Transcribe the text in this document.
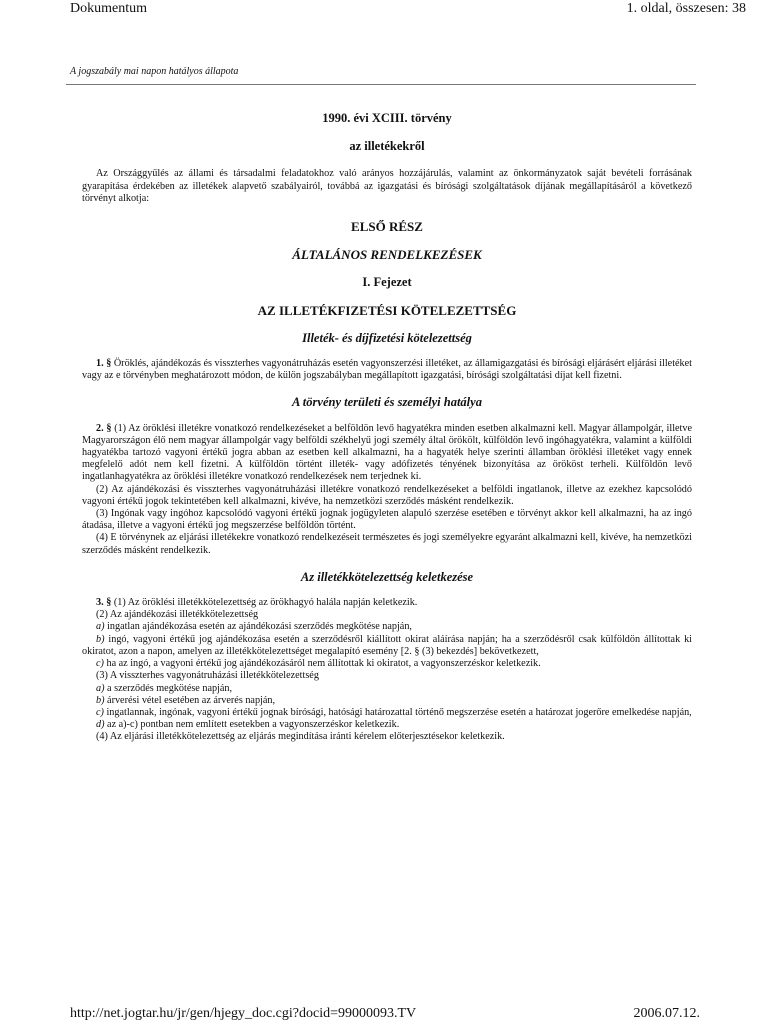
Dokumentum	1. oldal, összesen: 38
A jogszabály mai napon hatályos állapota
1990. évi XCIII. törvény
az illetékekről

Az Országgyűlés az állami és társadalmi feladatokhoz való arányos hozzájárulás, valamint az önkormányzatok saját bevételi forrásának gyarapítása érdekében az illetékek alapvető szabályairól, továbbá az igazgatási és bírósági szolgáltatások díjának megállapításáról a következő törvényt alkotja:

ELSŐ RÉSZ
ÁLTALÁNOS RENDELKEZÉSEK
I. Fejezet
AZ ILLETÉKFIZETÉSI KÖTELEZETTSÉG
Illeték- és díjfizetési kötelezettség

1. § Öröklés, ajándékozás és visszterhes vagyonátruházás esetén vagyonszerzési illetéket, az államigazgatási és bírósági eljárásért eljárási illetéket vagy az e törvényben meghatározott módon, de külön jogszabályban megállapított igazgatási, bírósági szolgáltatási díjat kell fizetni.

A törvény területi és személyi hatálya

2. § (1) Az öröklési illetékre vonatkozó rendelkezéseket a belföldön levő hagyatékra minden esetben alkalmazni kell. Magyar állampolgár, illetve Magyarországon élő nem magyar állampolgár vagy belföldi székhelyű jogi személy által örökölt, külföldön levő ingóhagyatékra, valamint a külföldi hagyatékba tartozó vagyoni értékű jogra abban az esetben kell alkalmazni, ha a hagyaték helye szerinti államban öröklési illetéket vagy ennek megfelelő adót nem kell fizetni. A külföldön történt illeték- vagy adófizetés tényének bizonyítása az örököst terheli. Külföldön levő ingatlanhagyatékra az öröklési illetékre vonatkozó rendelkezések nem terjednek ki.

(2) Az ajándékozási és visszterhes vagyonátruházási illetékre vonatkozó rendelkezéseket a belföldi ingatlanok, illetve az ezekhez kapcsolódó vagyoni értékű jogok tekintetében kell alkalmazni, kivéve, ha nemzetközi szerződés másként rendelkezik.

(3) Ingónak vagy ingóhoz kapcsolódó vagyoni értékű jognak jogügyleten alapuló szerzése esetében e törvényt akkor kell alkalmazni, ha az ingó átadása, illetve a vagyoni értékű jog megszerzése belföldön történt.

(4) E törvénynek az eljárási illetékekre vonatkozó rendelkezéseit természetes és jogi személyekre egyaránt alkalmazni kell, kivéve, ha nemzetközi szerződés másként rendelkezik.

Az illetékkötelezettség keletkezése

3. § (1) Az öröklési illetékkötelezettség az örökhagyó halála napján keletkezik.

(2) Az ajándékozási illetékkötelezettség

a) ingatlan ajándékozása esetén az ajándékozási szerződés megkötése napján,

b) ingó, vagyoni értékű jog ajándékozása esetén a szerződésről kiállított okirat aláírása napján; ha a szerződésről csak külföldön állítottak ki okiratot, azon a napon, amelyen az illetékkötelezettséget megalapító esemény [2. § (3) bekezdés] bekövetkezett,

c) ha az ingó, a vagyoni értékű jog ajándékozásáról nem állítottak ki okiratot, a vagyonszerzéskor keletkezik.

(3) A visszterhes vagyonátruházási illetékkötelezettség

a) a szerződés megkötése napján,

b) árverési vétel esetében az árverés napján,

c) ingatlannak, ingónak, vagyoni értékű jognak bírósági, hatósági határozattal történő megszerzése esetén a határozat jogerőre emelkedése napján,

d) az a)-c) pontban nem említett esetekben a vagyonszerzéskor keletkezik.

(4) Az eljárási illetékkötelezettség az eljárás megindítása iránti kérelem előterjesztésekor keletkezik.

http://net.jogtar.hu/jr/gen/hjegy_doc.cgi?docid=99000093.TV	2006.07.12.
